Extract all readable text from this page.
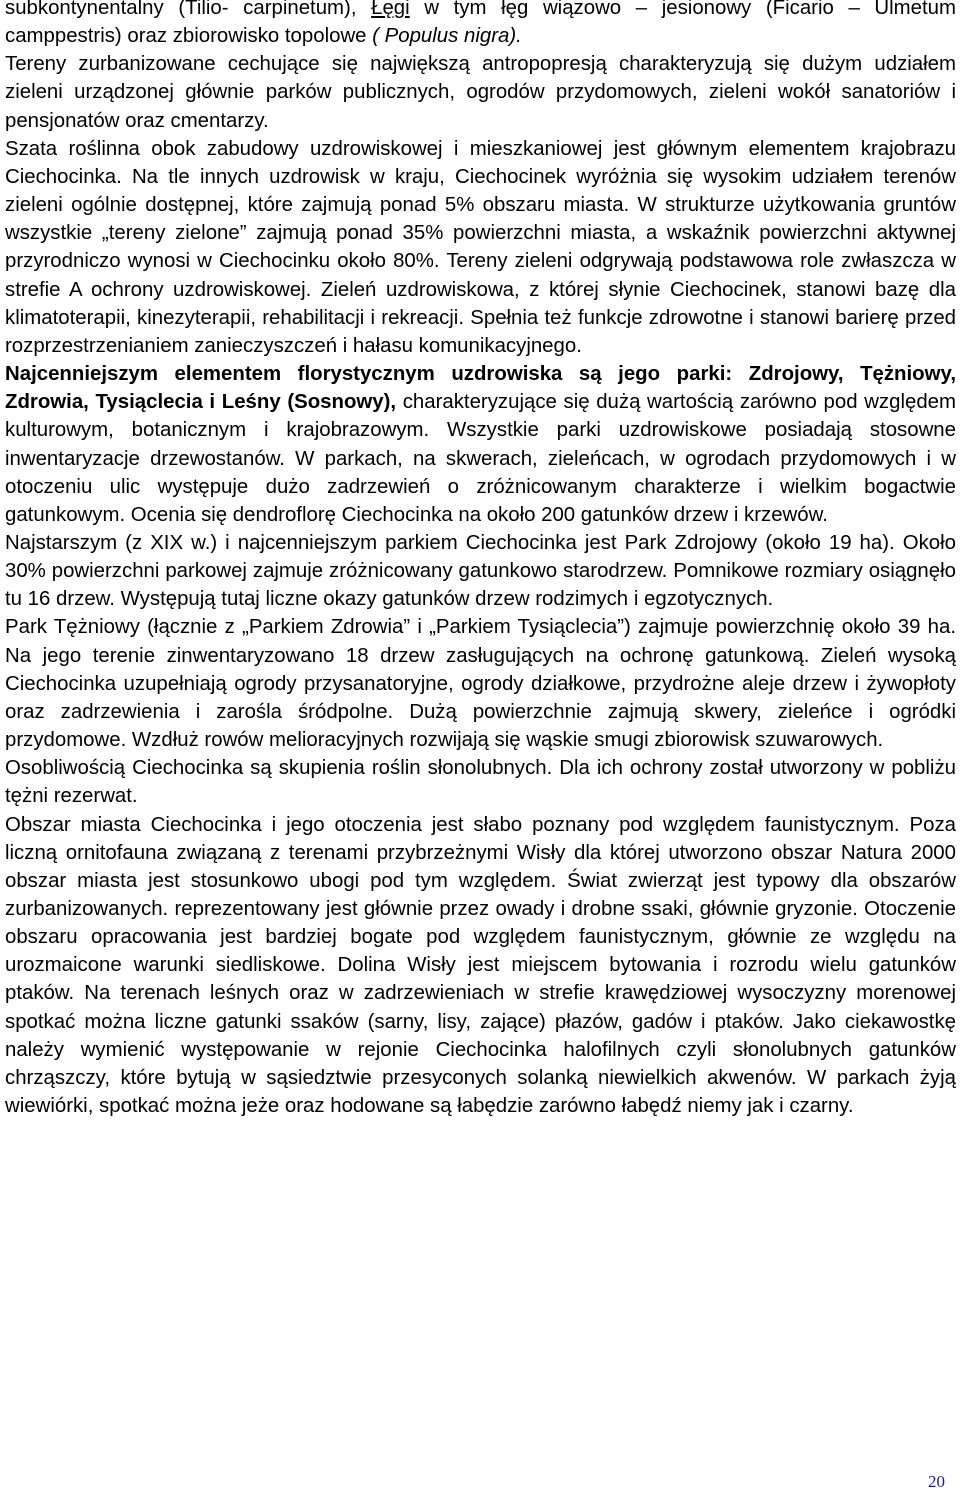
subkontynentalny (Tilio- carpinetum), Łęgi w tym łęg wiązowo – jesionowy (Ficario – Ulmetum camppestris) oraz zbiorowisko topolowe ( Populus nigra).

Tereny zurbanizowane cechujące się największą antropopresją charakteryzują się dużym udziałem zieleni urządzonej głównie parków publicznych, ogrodów przydomowych, zieleni wokół sanatoriów i pensjonatów oraz cmentarzy.

Szata roślinna obok zabudowy uzdrowiskowej i mieszkaniowej jest głównym elementem krajobrazu Ciechocinka. Na tle innych uzdrowisk w kraju, Ciechocinek wyróżnia się wysokim udziałem terenów zieleni ogólnie dostępnej, które zajmują ponad 5% obszaru miasta. W strukturze użytkowania gruntów wszystkie „tereny zielone” zajmują ponad 35% powierzchni miasta, a wskaźnik powierzchni aktywnej przyrodniczo wynosi w Ciechocinku około 80%. Tereny zieleni odgrywają podstawowa role zwłaszcza w strefie A ochrony uzdrowiskowej. Zieleń uzdrowiskowa, z której słynie Ciechocinek, stanowi bazę dla klimatoterapii, kinezyterapii, rehabilitacji i rekreacji. Spełnia też funkcje zdrowotne i stanowi barierę przed rozprzestrzenianiem zanieczyszczeń i hałasu komunikacyjnego.

Najcenniejszym elementem florystycznym uzdrowiska są jego parki: Zdrojowy, Tężniowy, Zdrowia, Tysiąclecia i Leśny (Sosnowy), charakteryzujące się dużą wartością zarówno pod względem kulturowym, botanicznym i krajobrazowym. Wszystkie parki uzdrowiskowe posiadają stosowne inwentaryzacje drzewostanów. W parkach, na skwerach, zieleńcach, w ogrodach przydomowych i w otoczeniu ulic występuje dużo zadrzewień o zróżnicowanym charakterze i wielkim bogactwie gatunkowym. Ocenia się dendroflorę Ciechocinka na około 200 gatunków drzew i krzewów.

Najstarszym (z XIX w.) i najcenniejszym parkiem Ciechocinka jest Park Zdrojowy (około 19 ha). Około 30% powierzchni parkowej zajmuje zróżnicowany gatunkowo starodrzew. Pomnikowe rozmiary osiągnęło tu 16 drzew. Występują tutaj liczne okazy gatunków drzew rodzimych i egzotycznych.

Park Tężniowy (łącznie z „Parkiem Zdrowia” i „Parkiem Tysiąclecia”) zajmuje powierzchnię około 39 ha. Na jego terenie zinwentaryzowano 18 drzew zasługujących na ochronę gatunkową. Zieleń wysoką Ciechocinka uzupełniają ogrody przysanatoryjne, ogrody działkowe, przydrożne aleje drzew i żywopłoty oraz zadrzewienia i zarośla śródpolne. Dużą powierzchnie zajmują skwery, zieleńce i ogródki przydomowe. Wzdłuż rowów melioracyjnych rozwijają się wąskie smugi zbiorowisk szuwarowych.

Osobliwością Ciechocinka są skupienia roślin słonolubnych. Dla ich ochrony został utworzony w pobliżu tężni rezerwat.

Obszar miasta Ciechocinka i jego otoczenia jest słabo poznany pod względem faunistycznym. Poza liczną ornitofauna związaną z terenami przybrzeżnymi Wisły dla której utworzono obszar Natura 2000 obszar miasta jest stosunkowo ubogi pod tym względem. Świat zwierząt jest typowy dla obszarów zurbanizowanych. reprezentowany jest głównie przez owady i drobne ssaki, głównie gryzonie. Otoczenie obszaru opracowania jest bardziej bogate pod względem faunistycznym, głównie ze względu na urozmaicone warunki siedliskowe. Dolina Wisły jest miejscem bytowania i rozrodu wielu gatunków ptaków. Na terenach leśnych oraz w zadrzewieniach w strefie krawędziowej wysoczyzny morenowej spotkać można liczne gatunki ssaków (sarny, lisy, zające) płazów, gadów i ptaków. Jako ciekawostkę należy wymienić występowanie w rejonie Ciechocinka halofilnych czyli słonolubnych gatunków chrząszczy, które bytują w sąsiedztwie przesyconych solanką niewielkich akwenów. W parkach żyją wiewiórki, spotkać można jeże oraz hodowane są łabędzie zarówno łabędź niemy jak i czarny.

20
